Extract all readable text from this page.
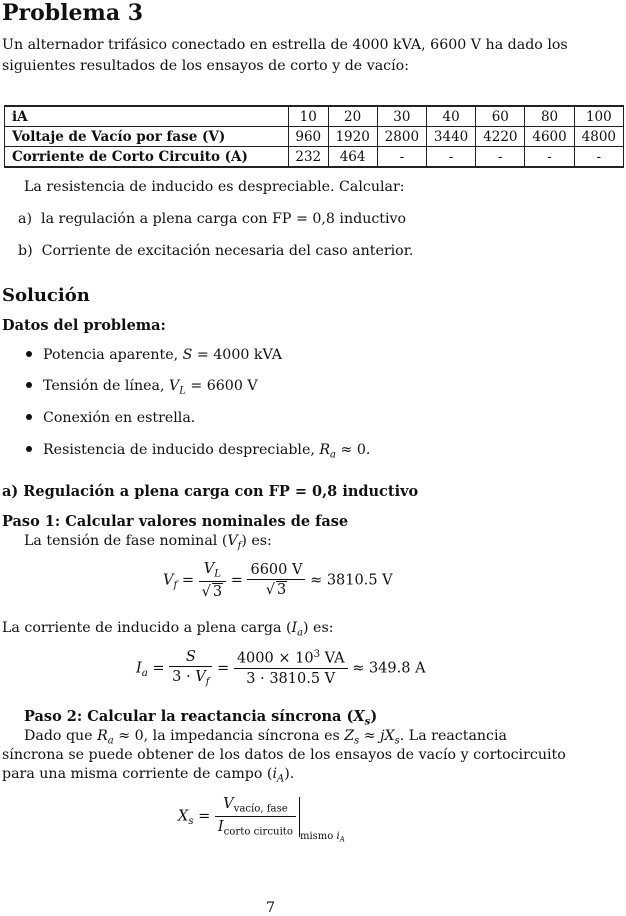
Problema 3
Un alternador trifásico conectado en estrella de 4000 kVA, 6600 V ha dado los
siguientes resultados de los ensayos de corto y de vacío:
iA	10	20	30	40	60	80	100
Voltaje de Vacío por fase (V)	960	1920	2800	3440	4220	4600	4800
Corriente de Corto Circuito (A)	232	464	-	-	-	-	-
La resistencia de inducido es despreciable. Calcular:
a) la regulación a plena carga con FP = 0,8 inductivo
b) Corriente de excitación necesaria del caso anterior.
Solución
Datos del problema:
Potencia aparente, S = 4000 kVA
Tensión de línea, $V_L = 6600$ V
Conexión en estrella.
Resistencia de inducido despreciable, $R_a \approx 0$.
a) Regulación a plena carga con FP = 0,8 inductivo
Paso 1: Calcular valores nominales de fase
La tensión de fase nominal $(V_f)$ es:
$V_f = \frac{V_L}{√ 3} = \frac{6600 V}{√ 3} \approx 3810.5$ V
La corriente de inducido a plena carga $(I_a)$ es:
$I_a = \frac{S}{3 \cdot V_f} = \frac{4000 \times 10^3 VA}{3 \cdot 3810.5 V} \approx 349.8$ A
Paso 2: Calcular la reactancia síncrona $(X_s)$
Dado que $R_a \approx 0$, la impedancia síncrona es $Z_s \approx jX_s$. La reactancia
síncrona se puede obtener de los datos de los ensayos de vacío y cortocircuito
para una misma corriente de campo $(i_A)$.
$X_s = \frac{V_{vacío, fase}}{I_{corto circuito}} _{mismo i_A}$
7
